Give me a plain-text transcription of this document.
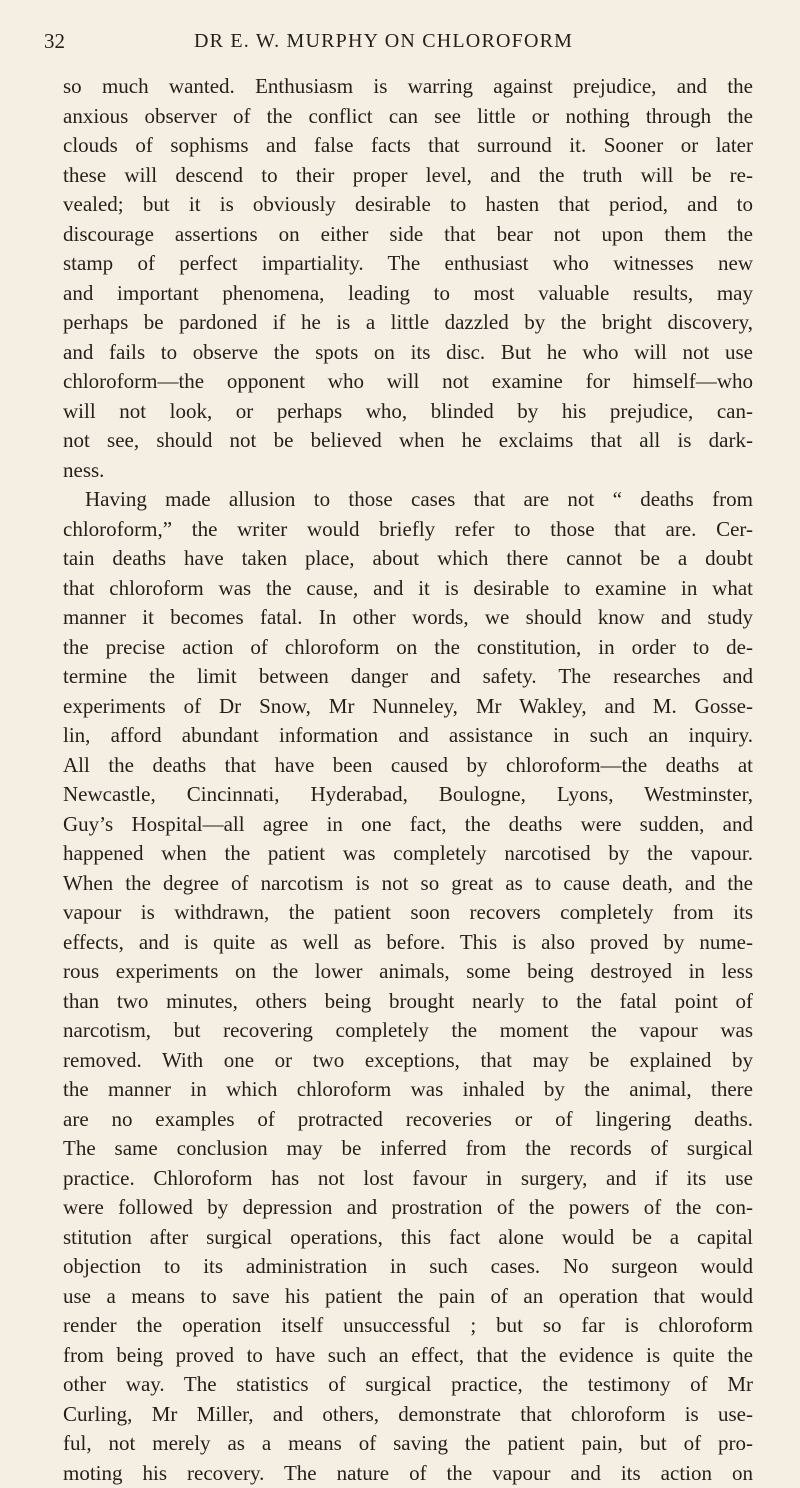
32	DR E. W. MURPHY ON CHLOROFORM
so much wanted. Enthusiasm is warring against prejudice, and the
anxious observer of the conflict can see little or nothing through the
clouds of sophisms and false facts that surround it. Sooner or later
these will descend to their proper level, and the truth will be re-
vealed; but it is obviously desirable to hasten that period, and to
discourage assertions on either side that bear not upon them the
stamp of perfect impartiality. The enthusiast who witnesses new
and important phenomena, leading to most valuable results, may
perhaps be pardoned if he is a little dazzled by the bright discovery,
and fails to observe the spots on its disc. But he who will not use
chloroform—the opponent who will not examine for himself—who
will not look, or perhaps who, blinded by his prejudice, can-
not see, should not be believed when he exclaims that all is dark-
ness.
Having made allusion to those cases that are not “ deaths from
chloroform,” the writer would briefly refer to those that are. Cer-
tain deaths have taken place, about which there cannot be a doubt
that chloroform was the cause, and it is desirable to examine in what
manner it becomes fatal. In other words, we should know and study
the precise action of chloroform on the constitution, in order to de-
termine the limit between danger and safety. The researches and
experiments of Dr Snow, Mr Nunneley, Mr Wakley, and M. Gosse-
lin, afford abundant information and assistance in such an inquiry.
All the deaths that have been caused by chloroform—the deaths at
Newcastle, Cincinnati, Hyderabad, Boulogne, Lyons, Westminster,
Guy’s Hospital—all agree in one fact, the deaths were sudden, and
happened when the patient was completely narcotised by the vapour.
When the degree of narcotism is not so great as to cause death, and the
vapour is withdrawn, the patient soon recovers completely from its
effects, and is quite as well as before. This is also proved by nume-
rous experiments on the lower animals, some being destroyed in less
than two minutes, others being brought nearly to the fatal point of
narcotism, but recovering completely the moment the vapour was
removed. With one or two exceptions, that may be explained by
the manner in which chloroform was inhaled by the animal, there
are no examples of protracted recoveries or of lingering deaths.
The same conclusion may be inferred from the records of surgical
practice. Chloroform has not lost favour in surgery, and if its use
were followed by depression and prostration of the powers of the con-
stitution after surgical operations, this fact alone would be a capital
objection to its administration in such cases. No surgeon would
use a means to save his patient the pain of an operation that would
render the operation itself unsuccessful ; but so far is chloroform
from being proved to have such an effect, that the evidence is quite the
other way. The statistics of surgical practice, the testimony of Mr
Curling, Mr Miller, and others, demonstrate that chloroform is use-
ful, not merely as a means of saving the patient pain, but of pro-
moting his recovery. The nature of the vapour and its action on
